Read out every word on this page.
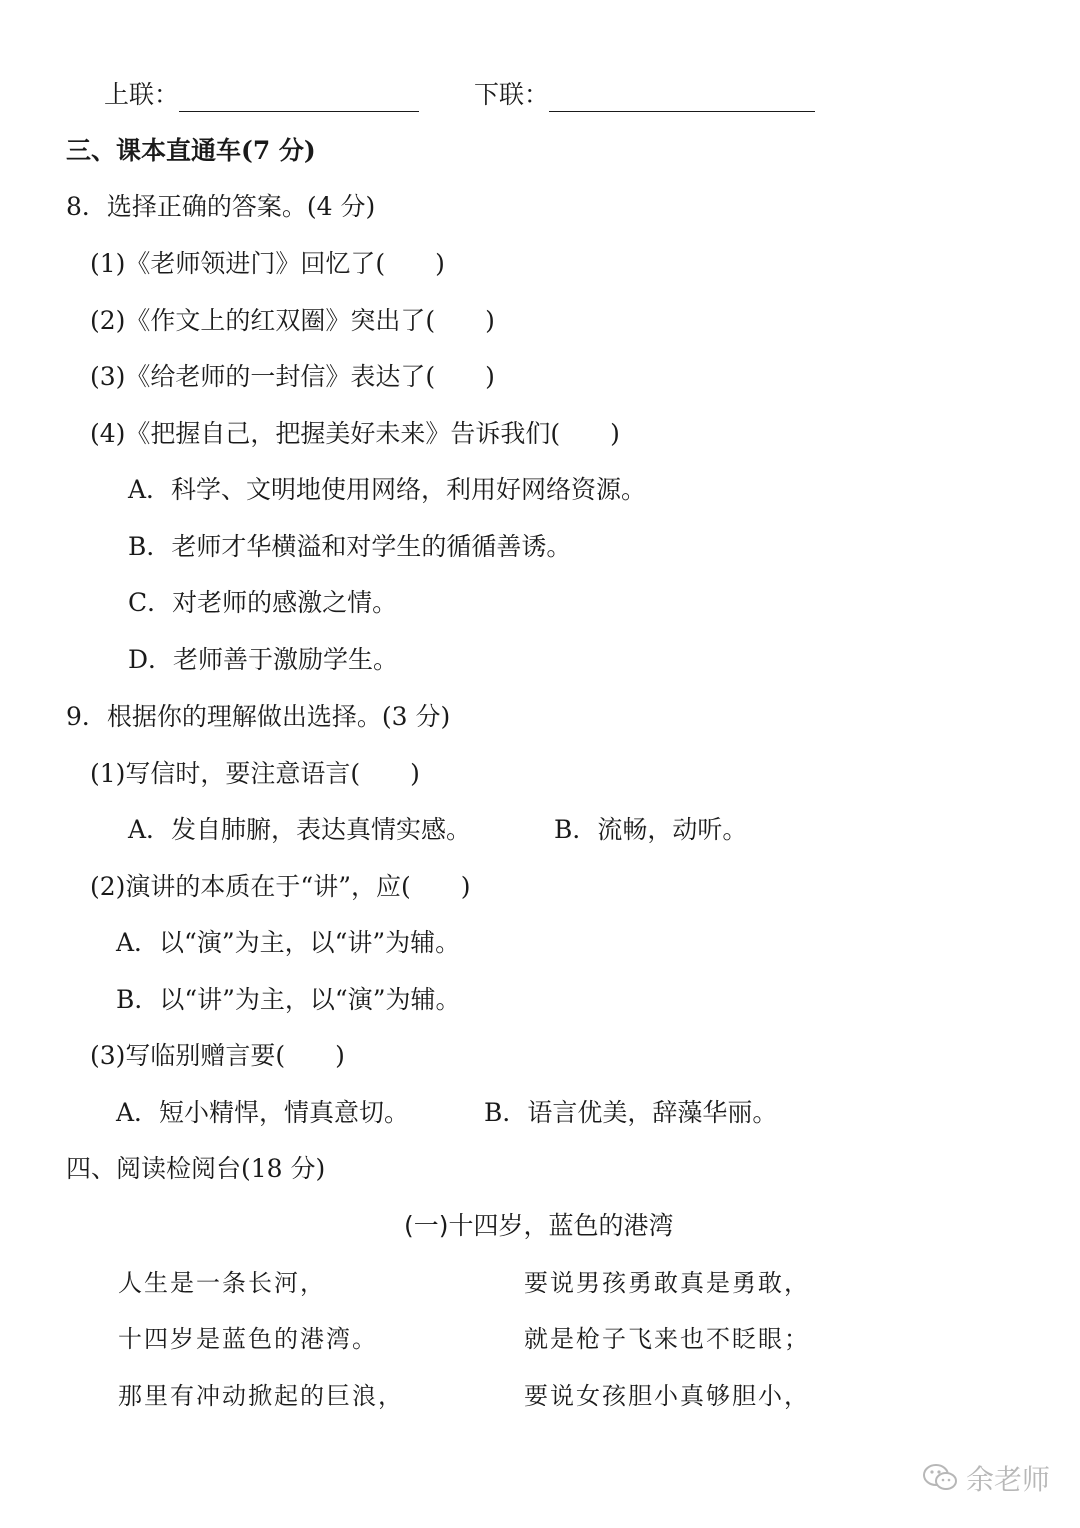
上联：	下联：
三、课本直通车(7 分)
8．选择正确的答案。(4 分)
(1)《老师领进门》回忆了(　　)
(2)《作文上的红双圈》突出了(　　)
(3)《给老师的一封信》表达了(　　)
(4)《把握自己，把握美好未来》告诉我们(　　)
A．科学、文明地使用网络，利用好网络资源。
B．老师才华横溢和对学生的循循善诱。
C．对老师的感激之情。
D．老师善于激励学生。
9．根据你的理解做出选择。(3 分)
(1)写信时，要注意语言(　　)
A．发自肺腑，表达真情实感。	B．流畅，动听。
(2)演讲的本质在于“讲”，应(　　)
A．以“演”为主，以“讲”为辅。
B．以“讲”为主，以“演”为辅。
(3)写临别赠言要(　　)
A．短小精悍，情真意切。	B．语言优美，辞藻华丽。
四、阅读检阅台(18 分)
(一)十四岁，蓝色的港湾
人生是一条长河，
十四岁是蓝色的港湾。
那里有冲动掀起的巨浪，
要说男孩勇敢真是勇敢，
就是枪子飞来也不眨眼；
要说女孩胆小真够胆小，
余老师
